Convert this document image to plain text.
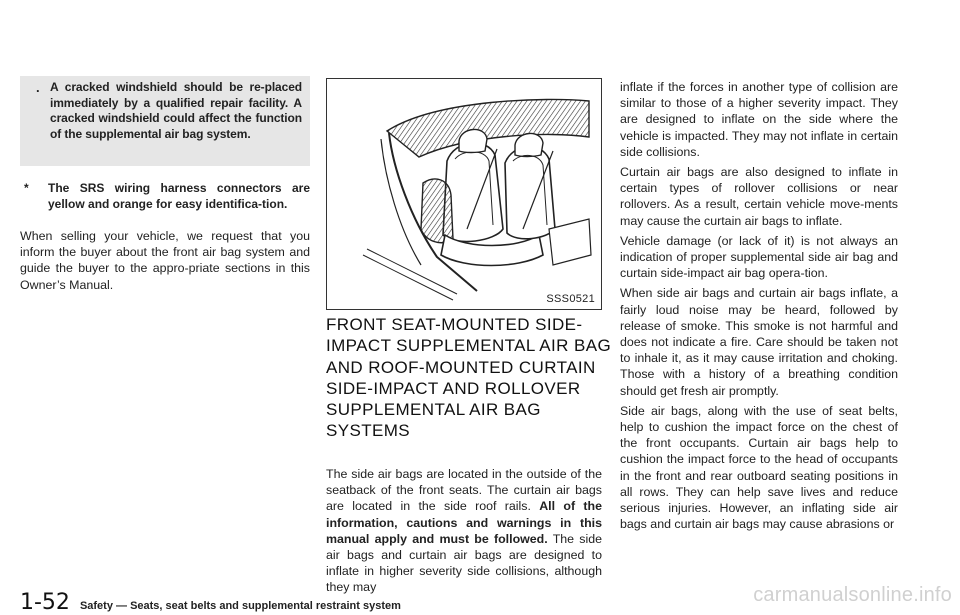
. A cracked windshield should be re-placed immediately by a qualified repair facility. A cracked windshield could affect the function of the supplemental air bag system.
*	The SRS wiring harness connectors are yellow and orange for easy identifica-tion.

When selling your vehicle, we request that you inform the buyer about the front air bag system and guide the buyer to the appro-priate sections in this Owner’s Manual.

SSS0521
FRONT SEAT-MOUNTED SIDE-IMPACT SUPPLEMENTAL AIR BAG AND ROOF-MOUNTED CURTAIN SIDE-IMPACT AND ROLLOVER SUPPLEMENTAL AIR BAG SYSTEMS

The side air bags are located in the outside of the seatback of the front seats. The curtain air bags are located in the side roof rails. All of the information, cautions and warnings in this manual apply and must be followed. The side air bags and curtain air bags are designed to inflate in higher severity side collisions, although they may

inflate if the forces in another type of collision are similar to those of a higher severity impact. They are designed to inflate on the side where the vehicle is impacted. They may not inflate in certain side collisions.

Curtain air bags are also designed to inflate in certain types of rollover collisions or near rollovers. As a result, certain vehicle move-ments may cause the curtain air bags to inflate.

Vehicle damage (or lack of it) is not always an indication of proper supplemental side air bag and curtain side-impact air bag opera-tion.

When side air bags and curtain air bags inflate, a fairly loud noise may be heard, followed by release of smoke. This smoke is not harmful and does not indicate a fire. Care should be taken not to inhale it, as it may cause irritation and choking. Those with a history of a breathing condition should get fresh air promptly.

Side air bags, along with the use of seat belts, help to cushion the impact force on the chest of the front occupants. Curtain air bags help to cushion the impact force to the head of occupants in the front and rear outboard seating positions in all rows. They can help save lives and reduce serious injuries. However, an inflating side air bags and curtain air bags may cause abrasions or

1-52 Safety — Seats, seat belts and supplemental restraint system	carmanualsonline.info
